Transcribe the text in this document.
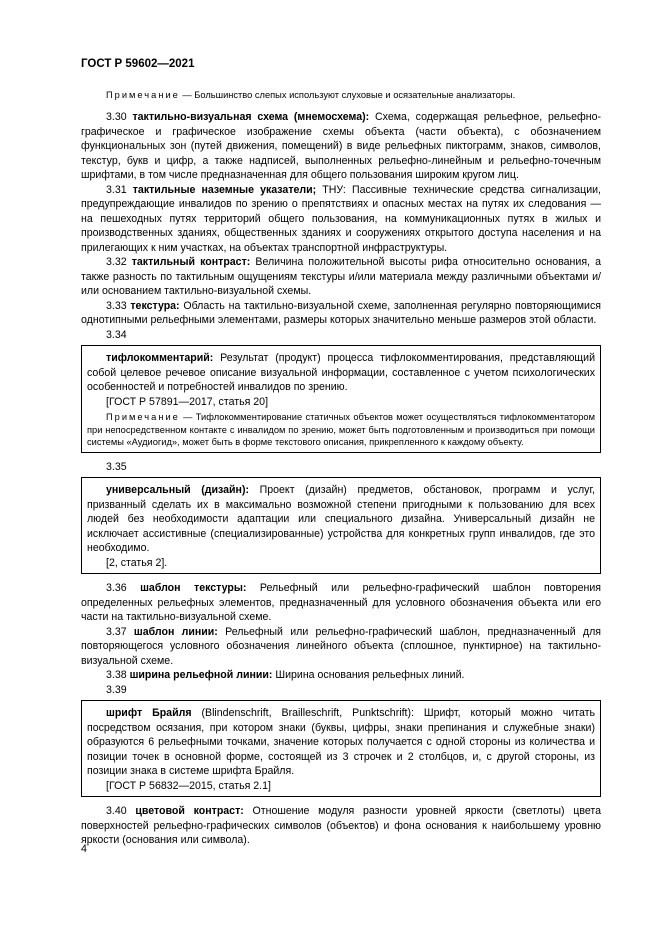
ГОСТ Р 59602—2021

Примечание — Большинство слепых используют слуховые и осязательные анализаторы.

3.30 тактильно-визуальная схема (мнемосхема): Схема, содержащая рельефное, рельефно-графическое и графическое изображение схемы объекта (части объекта), с обозначением функциональных зон (путей движения, помещений) в виде рельефных пиктограмм, знаков, символов, текстур, букв и цифр, а также надписей, выполненных рельефно-линейным и рельефно-точечным шрифтами, в том числе предназначенная для общего пользования широким кругом лиц.

3.31 тактильные наземные указатели; ТНУ: Пассивные технические средства сигнализации, предупреждающие инвалидов по зрению о препятствиях и опасных местах на путях их следования — на пешеходных путях территорий общего пользования, на коммуникационных путях в жилых и производственных зданиях, общественных зданиях и сооружениях открытого доступа населения и на прилегающих к ним участках, на объектах транспортной инфраструктуры.

3.32 тактильный контраст: Величина положительной высоты рифа относительно основания, а также разность по тактильным ощущениям текстуры и/или материала между различными объектами и/или основанием тактильно-визуальной схемы.

3.33 текстура: Область на тактильно-визуальной схеме, заполненная регулярно повторяющимися однотипными рельефными элементами, размеры которых значительно меньше размеров этой области.

3.34

тифлокомментарий: Результат (продукт) процесса тифлокомментирования, представляющий собой целевое речевое описание визуальной информации, составленное с учетом психологических особенностей и потребностей инвалидов по зрению.

[ГОСТ Р 57891—2017, статья 20]

Примечание — Тифлокомментирование статичных объектов может осуществляться тифлокомментатором при непосредственном контакте с инвалидом по зрению, может быть подготовленным и производиться при помощи системы «Аудиогид», может быть в форме текстового описания, прикрепленного к каждому объекту.

3.35

универсальный (дизайн): Проект (дизайн) предметов, обстановок, программ и услуг, призванный сделать их в максимально возможной степени пригодными к пользованию для всех людей без необходимости адаптации или специального дизайна. Универсальный дизайн не исключает ассистивные (специализированные) устройства для конкретных групп инвалидов, где это необходимо.

[2, статья 2].

3.36 шаблон текстуры: Рельефный или рельефно-графический шаблон повторения определенных рельефных элементов, предназначенный для условного обозначения объекта или его части на тактильно-визуальной схеме.

3.37 шаблон линии: Рельефный или рельефно-графический шаблон, предназначенный для повторяющегося условного обозначения линейного объекта (сплошное, пунктирное) на тактильно-визуальной схеме.

3.38 ширина рельефной линии: Ширина основания рельефных линий.

3.39

шрифт Брайля (Blindenschrift, Brailleschrift, Punktschrift): Шрифт, который можно читать посредством осязания, при котором знаки (буквы, цифры, знаки препинания и служебные знаки) образуются 6 рельефными точками, значение которых получается с одной стороны из количества и позиции точек в основной форме, состоящей из 3 строчек и 2 столбцов, и, с другой стороны, из позиции знака в системе шрифта Брайля.

[ГОСТ Р 56832—2015, статья 2.1]

3.40 цветовой контраст: Отношение модуля разности уровней яркости (светлоты) цвета поверхностей рельефно-графических символов (объектов) и фона основания к наибольшему уровню яркости (основания или символа).

4
